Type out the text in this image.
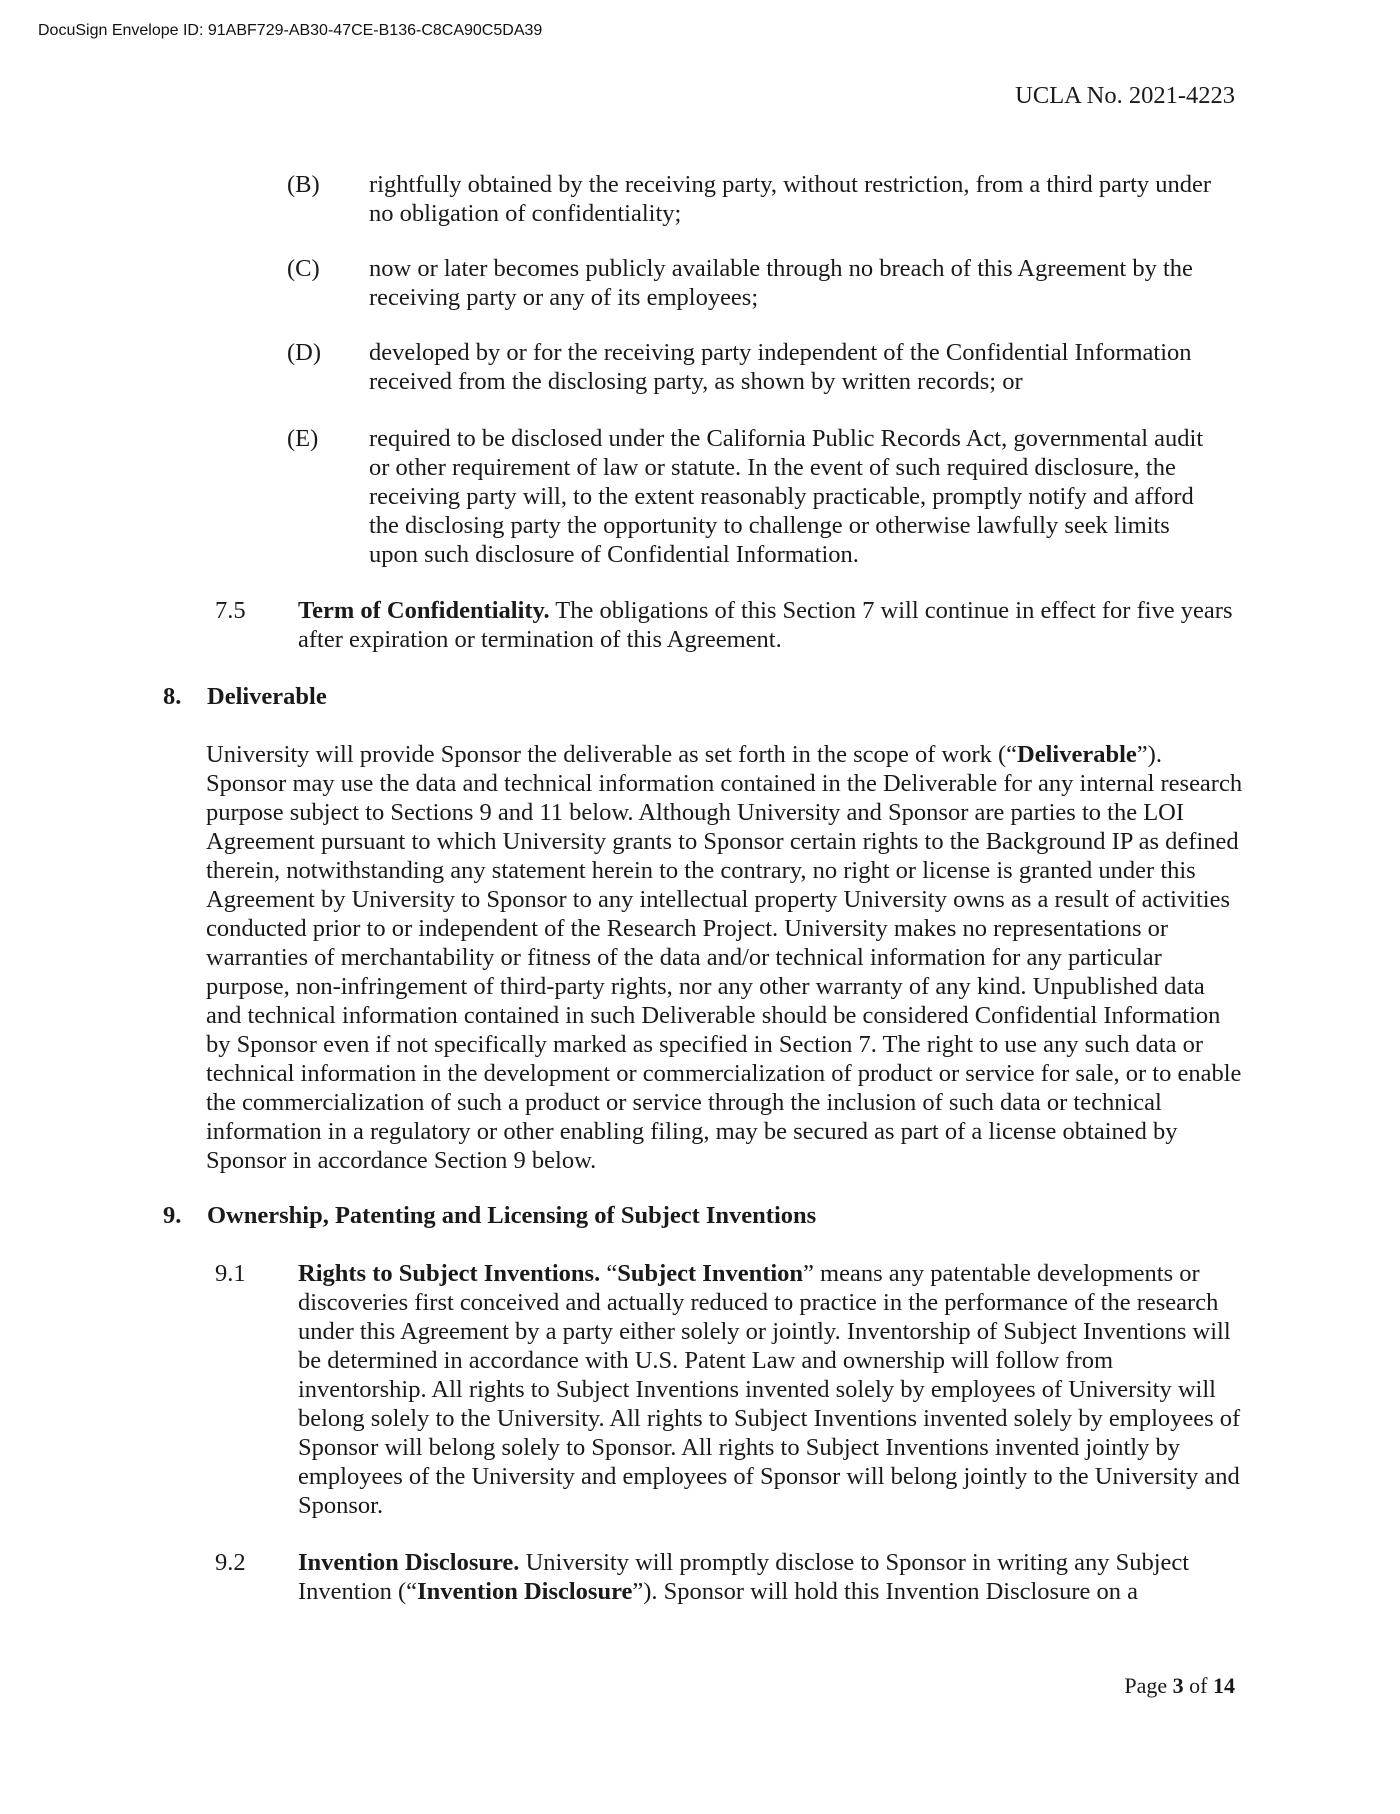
DocuSign Envelope ID: 91ABF729-AB30-47CE-B136-C8CA90C5DA39
UCLA No. 2021-4223
(B) rightfully obtained by the receiving party, without restriction, from a third party under no obligation of confidentiality;
(C) now or later becomes publicly available through no breach of this Agreement by the receiving party or any of its employees;
(D) developed by or for the receiving party independent of the Confidential Information received from the disclosing party, as shown by written records; or
(E) required to be disclosed under the California Public Records Act, governmental audit or other requirement of law or statute. In the event of such required disclosure, the receiving party will, to the extent reasonably practicable, promptly notify and afford the disclosing party the opportunity to challenge or otherwise lawfully seek limits upon such disclosure of Confidential Information.
7.5 Term of Confidentiality. The obligations of this Section 7 will continue in effect for five years after expiration or termination of this Agreement.
8. Deliverable
University will provide Sponsor the deliverable as set forth in the scope of work (“Deliverable”). Sponsor may use the data and technical information contained in the Deliverable for any internal research purpose subject to Sections 9 and 11 below. Although University and Sponsor are parties to the LOI Agreement pursuant to which University grants to Sponsor certain rights to the Background IP as defined therein, notwithstanding any statement herein to the contrary, no right or license is granted under this Agreement by University to Sponsor to any intellectual property University owns as a result of activities conducted prior to or independent of the Research Project. University makes no representations or warranties of merchantability or fitness of the data and/or technical information for any particular purpose, non-infringement of third-party rights, nor any other warranty of any kind. Unpublished data and technical information contained in such Deliverable should be considered Confidential Information by Sponsor even if not specifically marked as specified in Section 7. The right to use any such data or technical information in the development or commercialization of product or service for sale, or to enable the commercialization of such a product or service through the inclusion of such data or technical information in a regulatory or other enabling filing, may be secured as part of a license obtained by Sponsor in accordance Section 9 below.
9. Ownership, Patenting and Licensing of Subject Inventions
9.1 Rights to Subject Inventions. “Subject Invention” means any patentable developments or discoveries first conceived and actually reduced to practice in the performance of the research under this Agreement by a party either solely or jointly. Inventorship of Subject Inventions will be determined in accordance with U.S. Patent Law and ownership will follow from inventorship. All rights to Subject Inventions invented solely by employees of University will belong solely to the University. All rights to Subject Inventions invented solely by employees of Sponsor will belong solely to Sponsor. All rights to Subject Inventions invented jointly by employees of the University and employees of Sponsor will belong jointly to the University and Sponsor.
9.2 Invention Disclosure. University will promptly disclose to Sponsor in writing any Subject Invention (“Invention Disclosure”). Sponsor will hold this Invention Disclosure on a
Page 3 of 14
